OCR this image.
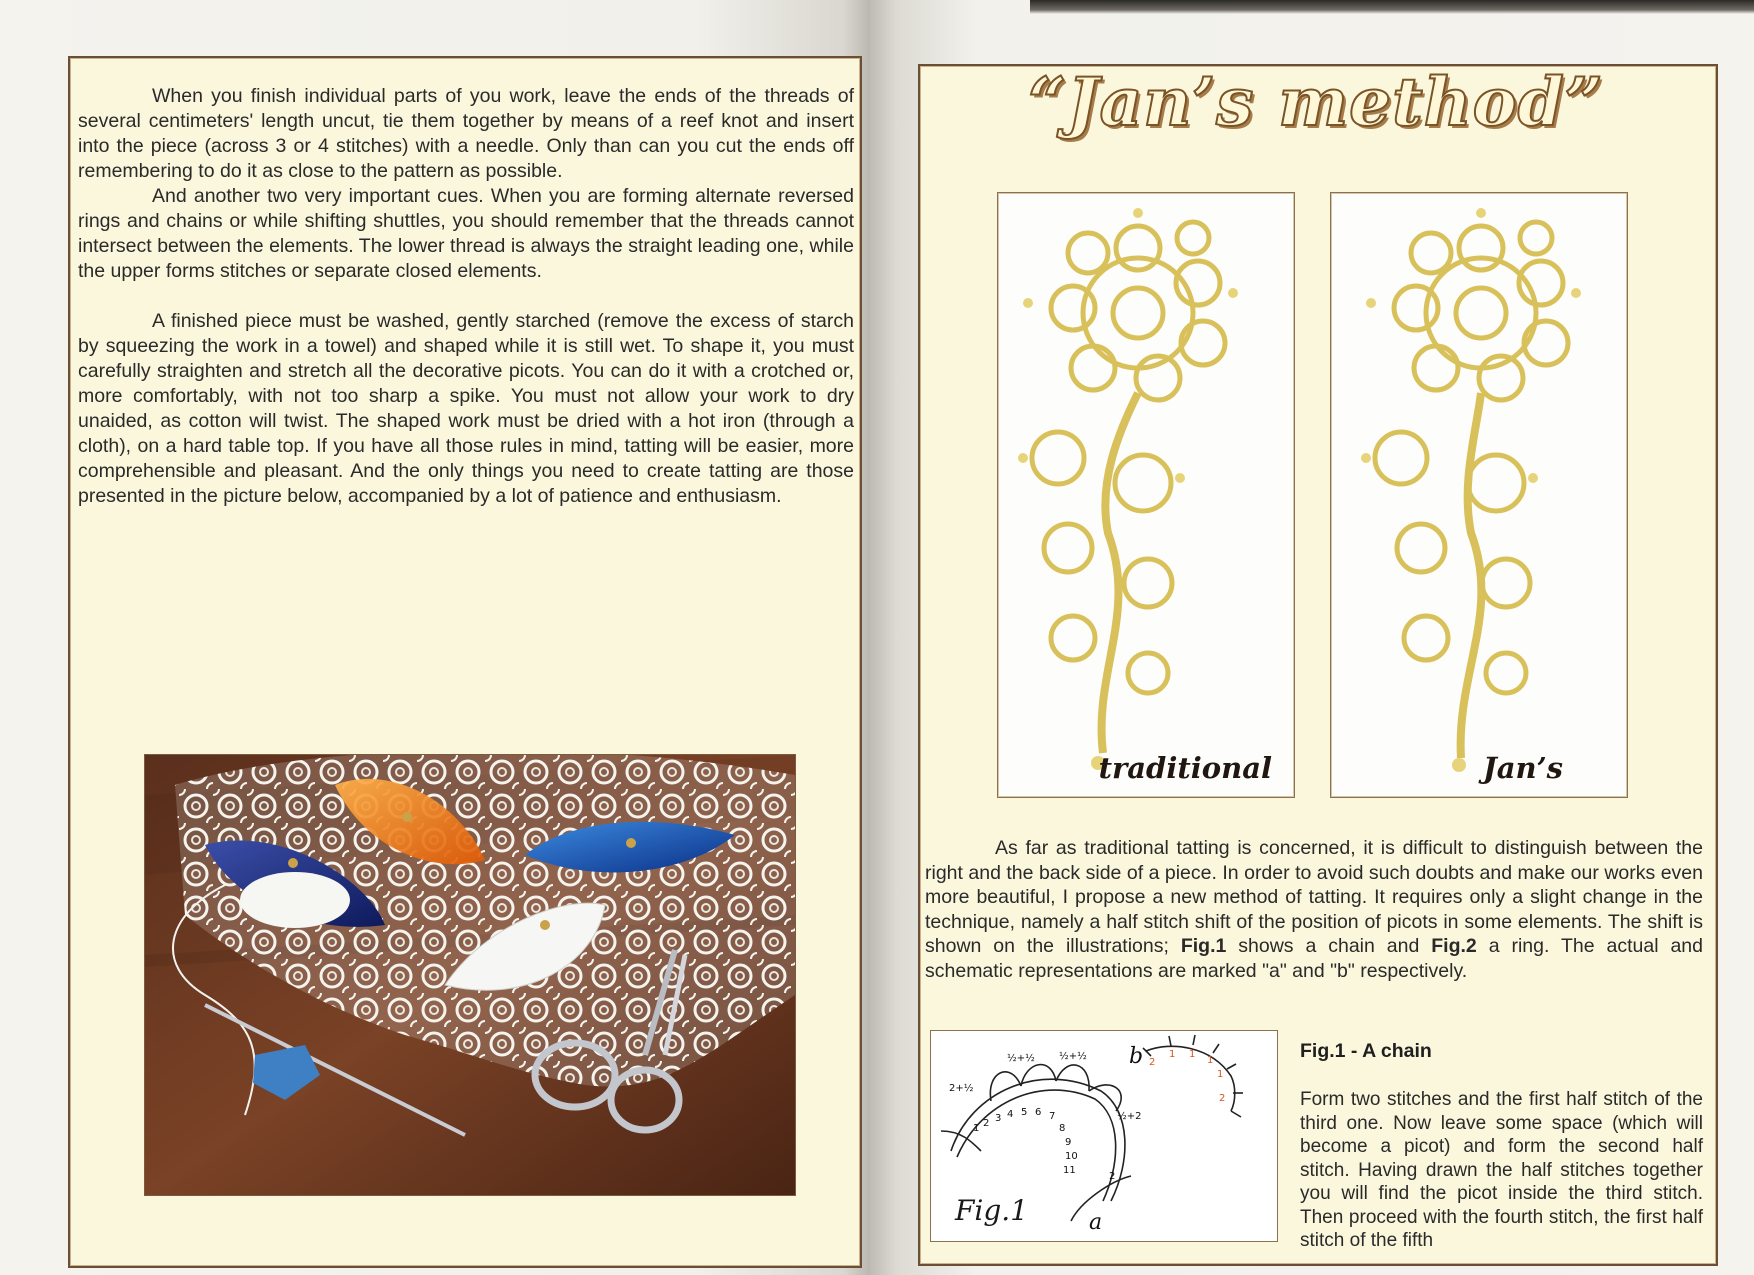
When you finish individual parts of you work, leave the ends of the threads of several centimeters' length uncut, tie them together by means of a reef knot and insert into the piece (across 3 or 4 stitches) with a needle. Only than can you cut the ends off remembering to do it as close to the pattern as possible.

And another two very important cues. When you are forming alternate reversed rings and chains or while shifting shuttles, you should remember that the threads cannot intersect between the elements. The lower thread is always the straight leading one, while the upper forms stitches or separate closed elements.

A finished piece must be washed, gently starched (remove the excess of starch by squeezing the work in a towel) and shaped while it is still wet. To shape it, you must carefully straighten and stretch all the decorative picots. You can do it with a crotched or, more comfortably, with not too sharp a spike. You must not allow your work to dry unaided, as cotton will twist. The shaped work must be dried with a hot iron (through a cloth), on a hard table top. If you have all those rules in mind, tatting will be easier, more comprehensible and pleasant. And the only things you need to create tatting are those presented in the picture below, accompanied by a lot of patience and enthusiasm.

“Jan’s method”
traditional	Jan’s

As far as traditional tatting is concerned, it is difficult to distinguish between the right and the back side of a piece. In order to avoid such doubts and make our works even more beautiful, I propose a new method of tatting. It requires only a slight change in the technique, namely a half stitch shift of the position of picots in some elements. The shift is shown on the illustrations; Fig.1 shows a chain and Fig.2 a ring. The actual and schematic representations are marked "a" and "b" respectively.

2+½
½+½ ½+½
½+2
1 2 3 4 5 6 7
8
9
10
11
2
2
1 1
1
1
2
b
a
Fig.1
Fig.1 - A chain
Form two stitches and the first half stitch of the third one. Now leave some space (which will become a picot) and form the second half stitch. Having drawn the half stitches together you will find the picot inside the third stitch. Then proceed with the fourth stitch, the first half stitch of the fifth
